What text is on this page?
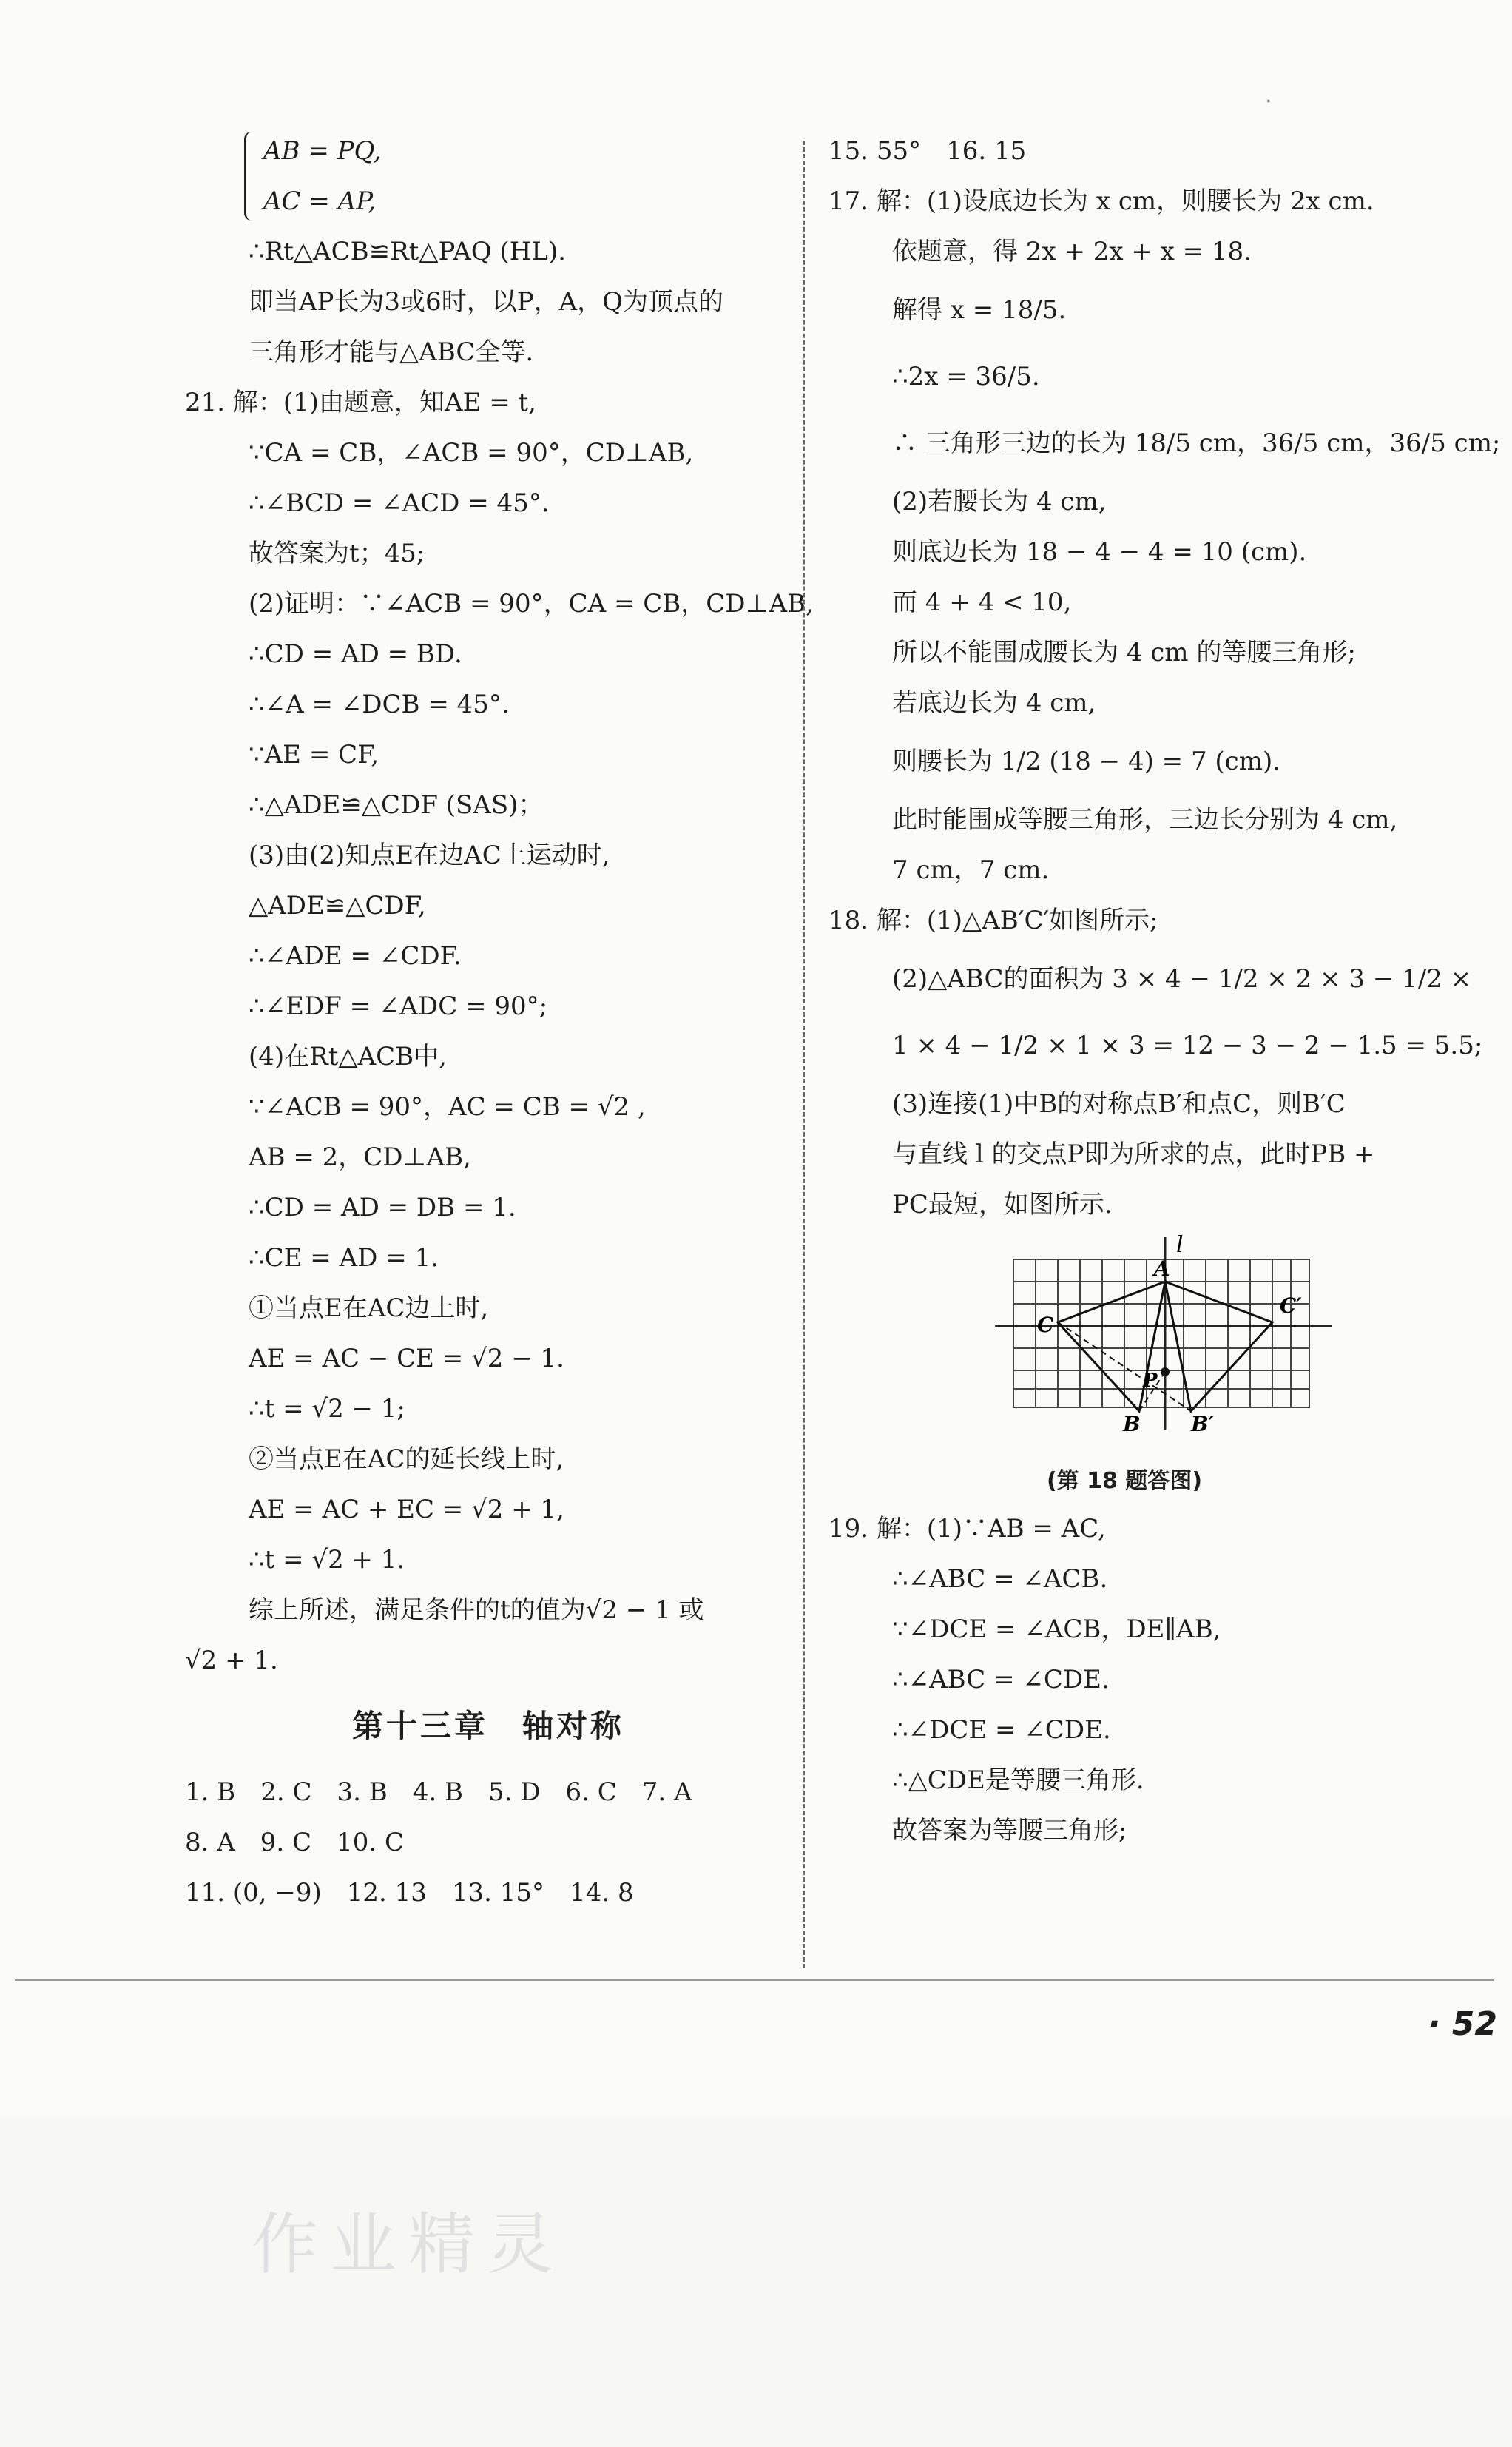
·
AB = PQ,
AC = AP,
∴Rt△ACB≌Rt△PAQ (HL).
即当AP长为3或6时，以P，A，Q为顶点的
三角形才能与△ABC全等.
21. 解：(1)由题意，知AE = t,
∵CA = CB，∠ACB = 90°，CD⊥AB,
∴∠BCD = ∠ACD = 45°.
故答案为t；45;
(2)证明：∵∠ACB = 90°，CA = CB，CD⊥AB,
∴CD = AD = BD.
∴∠A = ∠DCB = 45°.
∵AE = CF,
∴△ADE≌△CDF (SAS)；
(3)由(2)知点E在边AC上运动时,
△ADE≌△CDF,
∴∠ADE = ∠CDF.
∴∠EDF = ∠ADC = 90°;
(4)在Rt△ACB中,
∵∠ACB = 90°，AC = CB = √2 ,
AB = 2，CD⊥AB,
∴CD = AD = DB = 1.
∴CE = AD = 1.
①当点E在AC边上时,
AE = AC − CE = √2 − 1.
∴t = √2 − 1;
②当点E在AC的延长线上时,
AE = AC + EC = √2 + 1,
∴t = √2 + 1.
综上所述，满足条件的t的值为√2 − 1 或
√2 + 1.
第十三章　轴对称
1. B　2. C　3. B　4. B　5. D　6. C　7. A
8. A　9. C　10. C
11. (0, −9)　12. 13　13. 15°　14. 8
15. 55°　16. 15
17. 解：(1)设底边长为 x cm，则腰长为 2x cm.
依题意，得 2x + 2x + x = 18.
解得 x = 18/5.
∴2x = 36/5.
∴ 三角形三边的长为 18/5 cm，36/5 cm，36/5 cm;
(2)若腰长为 4 cm,
则底边长为 18 − 4 − 4 = 10 (cm).
而 4 + 4 < 10,
所以不能围成腰长为 4 cm 的等腰三角形;
若底边长为 4 cm,
则腰长为 1/2 (18 − 4) = 7 (cm).
此时能围成等腰三角形，三边长分别为 4 cm,
7 cm，7 cm.
18. 解：(1)△AB′C′如图所示;
(2)△ABC的面积为 3 × 4 − 1/2 × 2 × 3 − 1/2 ×
1 × 4 − 1/2 × 1 × 3 = 12 − 3 − 2 − 1.5 = 5.5;
(3)连接(1)中B的对称点B′和点C，则B′C
与直线 l 的交点P即为所求的点，此时PB +
PC最短，如图所示.
l
A
C
C′
P
B B′
(第 18 题答图)
19. 解：(1)∵AB = AC,
∴∠ABC = ∠ACB.
∵∠DCE = ∠ACB，DE∥AB,
∴∠ABC = ∠CDE.
∴∠DCE = ∠CDE.
∴△CDE是等腰三角形.
故答案为等腰三角形;
· 52
作业精灵
